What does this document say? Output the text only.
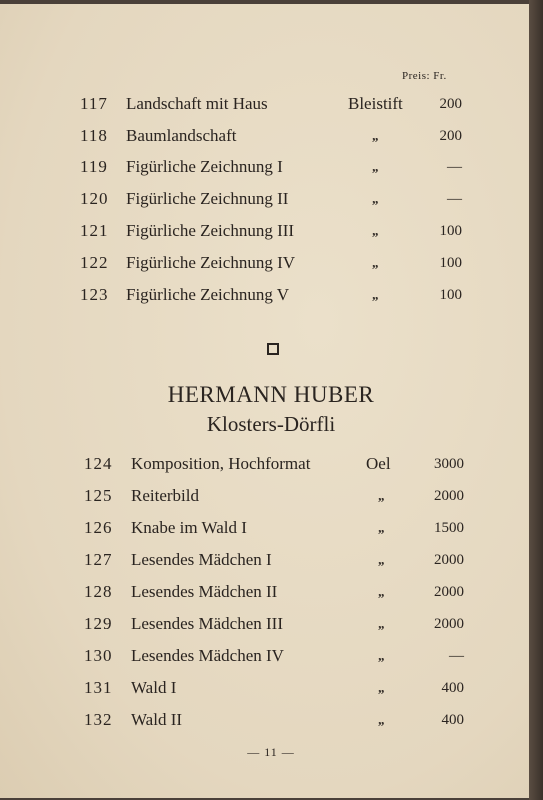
Preis: Fr.
117 Landschaft mit Haus	Bleistift	200
118 Baumlandschaft	„	200
119 Figürliche Zeichnung I	„	—
120 Figürliche Zeichnung II	„	—
121 Figürliche Zeichnung III	„	100
122 Figürliche Zeichnung IV	„	100
123 Figürliche Zeichnung V	„	100
HERMANN HUBER
Klosters-Dörfli
124 Komposition, Hochformat	Oel	3000
125 Reiterbild	„	2000
126 Knabe im Wald I	„	1500
127 Lesendes Mädchen I	„	2000
128 Lesendes Mädchen II	„	2000
129 Lesendes Mädchen III	„	2000
130 Lesendes Mädchen IV	„	—
131 Wald I	„	400
132 Wald II	„	400
— 11 —
